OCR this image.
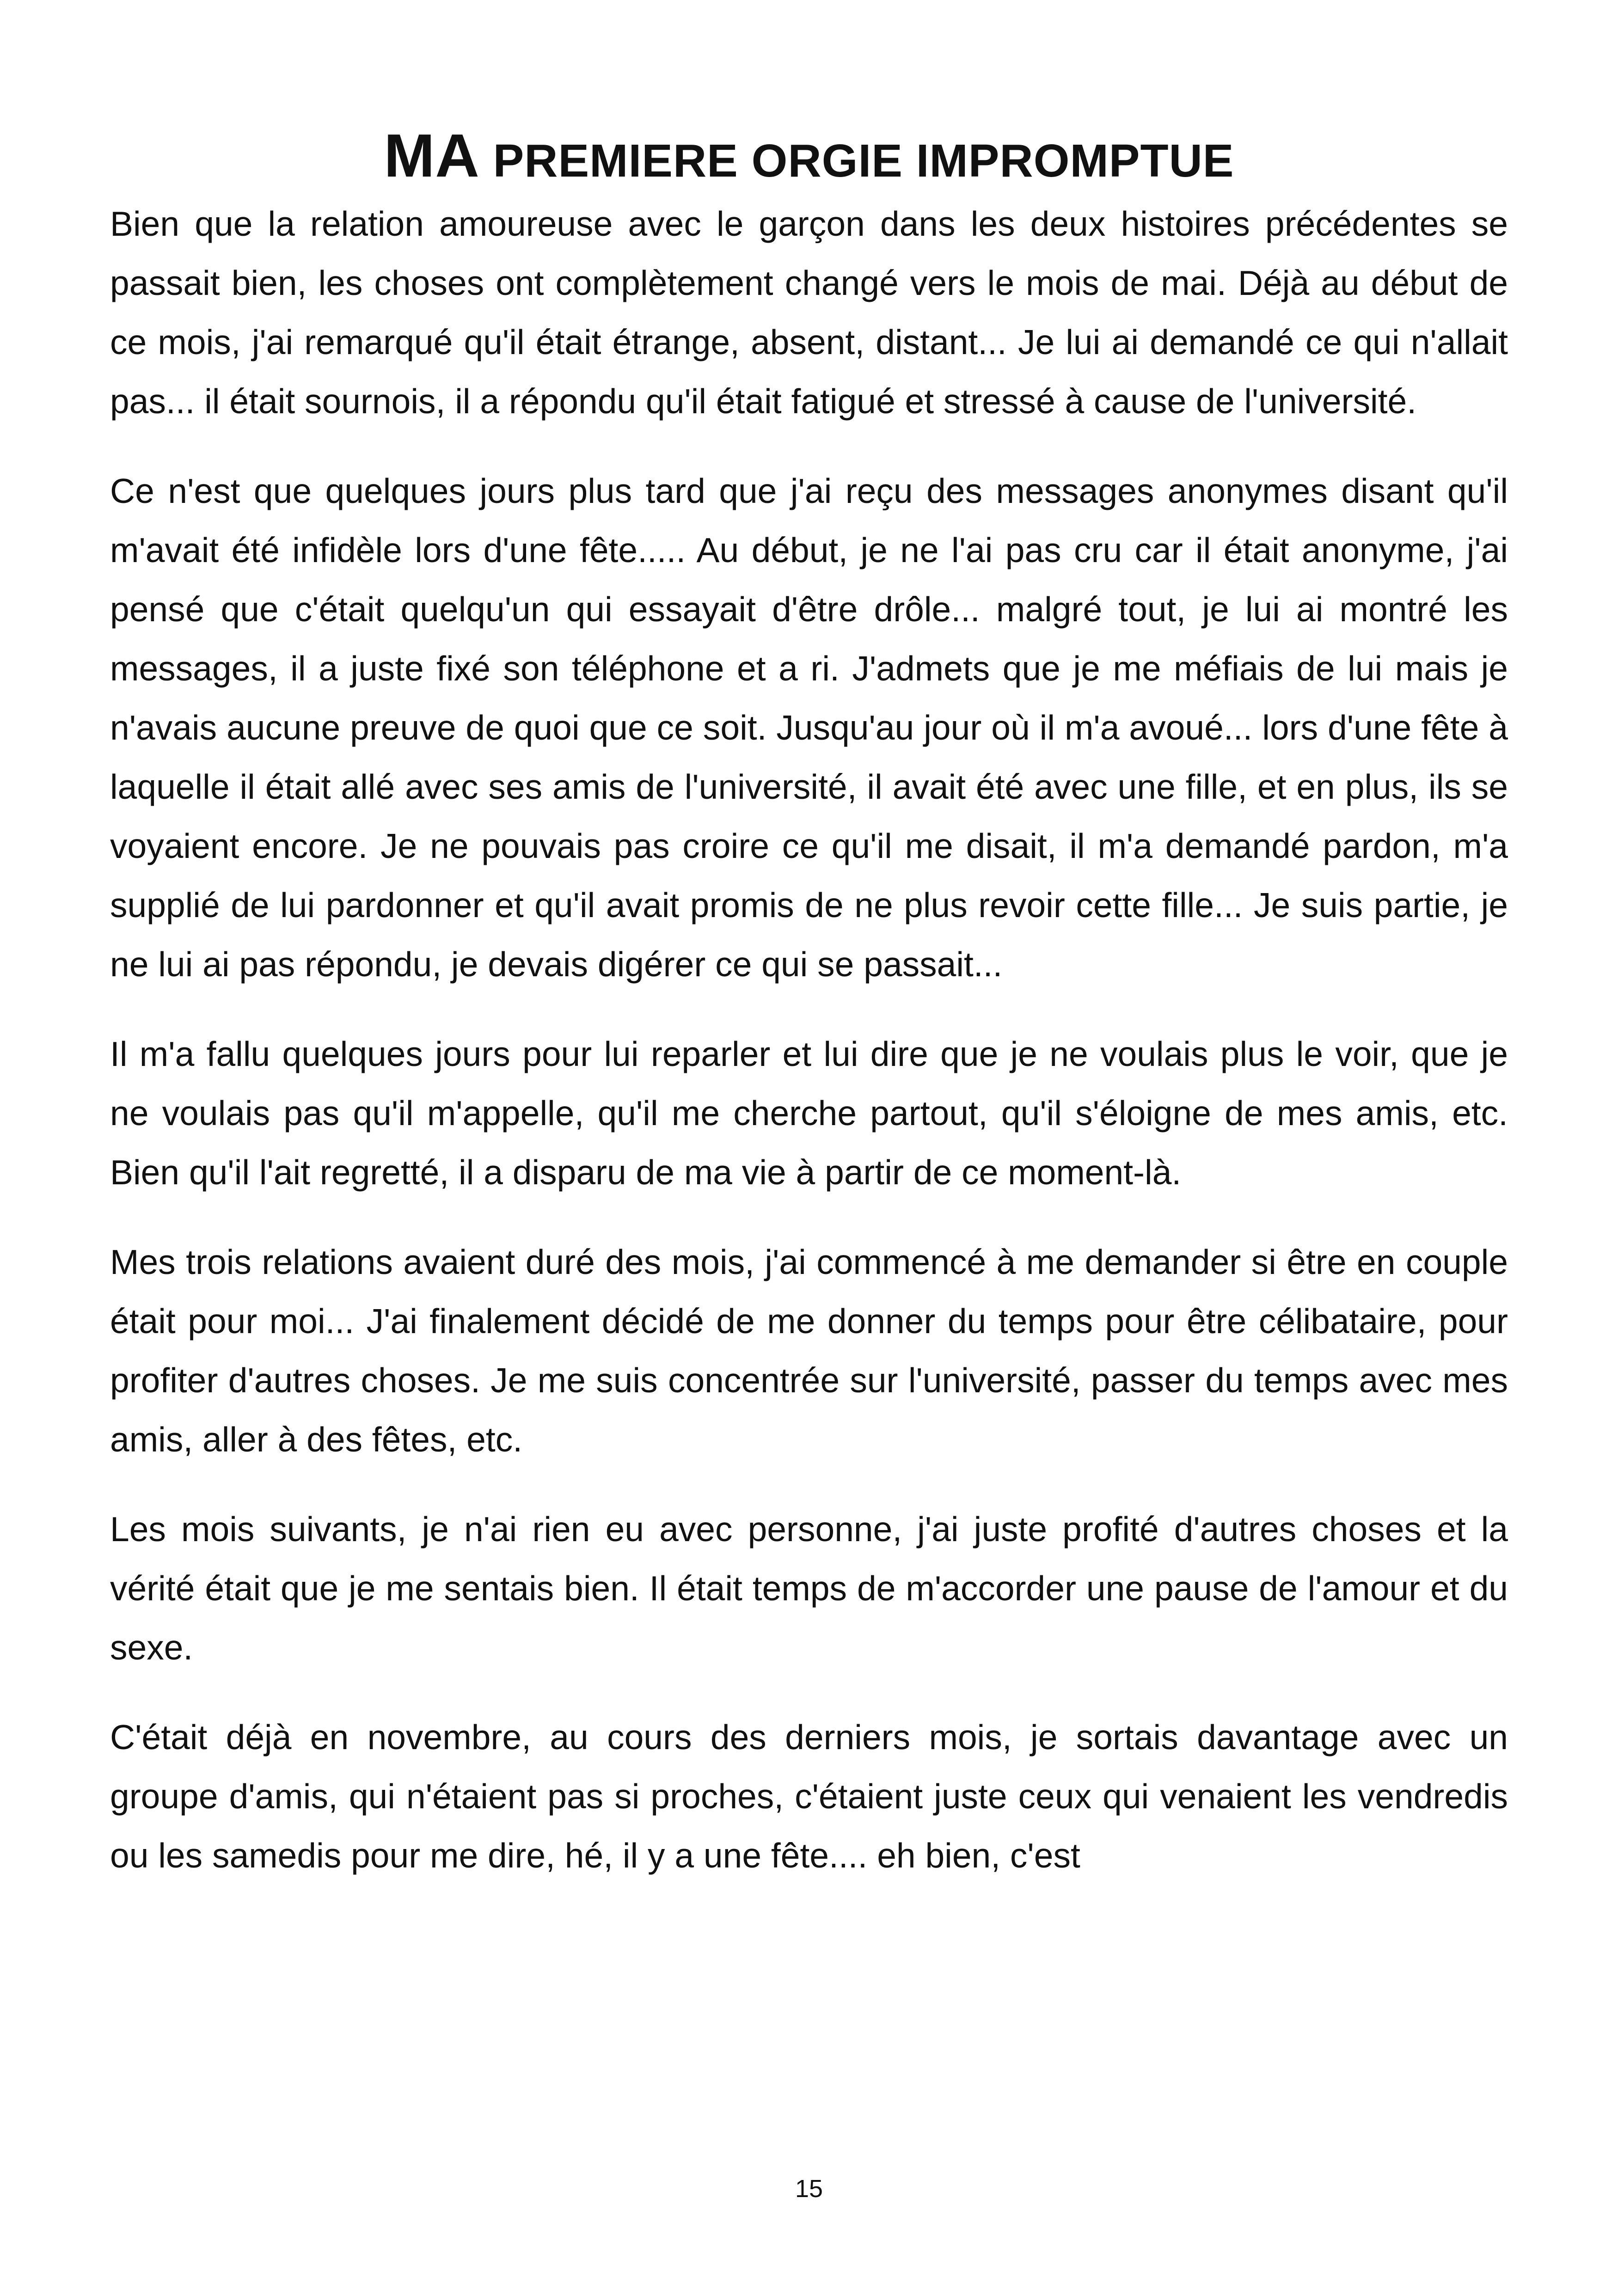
MA PREMIERE ORGIE IMPROMPTUE

Bien que la relation amoureuse avec le garçon dans les deux histoires précédentes se passait bien, les choses ont complètement changé vers le mois de mai. Déjà au début de ce mois, j'ai remarqué qu'il était étrange, absent, distant... Je lui ai demandé ce qui n'allait pas... il était sournois, il a répondu qu'il était fatigué et stressé à cause de l'université.

Ce n'est que quelques jours plus tard que j'ai reçu des messages anonymes disant qu'il m'avait été infidèle lors d'une fête..... Au début, je ne l'ai pas cru car il était anonyme, j'ai pensé que c'était quelqu'un qui essayait d'être drôle... malgré tout, je lui ai montré les messages, il a juste fixé son téléphone et a ri. J'admets que je me méfiais de lui mais je n'avais aucune preuve de quoi que ce soit. Jusqu'au jour où il m'a avoué... lors d'une fête à laquelle il était allé avec ses amis de l'université, il avait été avec une fille, et en plus, ils se voyaient encore. Je ne pouvais pas croire ce qu'il me disait, il m'a demandé pardon, m'a supplié de lui pardonner et qu'il avait promis de ne plus revoir cette fille... Je suis partie, je ne lui ai pas répondu, je devais digérer ce qui se passait...

Il m'a fallu quelques jours pour lui reparler et lui dire que je ne voulais plus le voir, que je ne voulais pas qu'il m'appelle, qu'il me cherche partout, qu'il s'éloigne de mes amis, etc. Bien qu'il l'ait regretté, il a disparu de ma vie à partir de ce moment-là.

Mes trois relations avaient duré des mois, j'ai commencé à me demander si être en couple était pour moi... J'ai finalement décidé de me donner du temps pour être célibataire, pour profiter d'autres choses. Je me suis concentrée sur l'université, passer du temps avec mes amis, aller à des fêtes, etc.

Les mois suivants, je n'ai rien eu avec personne, j'ai juste profité d'autres choses et la vérité était que je me sentais bien. Il était temps de m'accorder une pause de l'amour et du sexe.

C'était déjà en novembre, au cours des derniers mois, je sortais davantage avec un groupe d'amis, qui n'étaient pas si proches, c'étaient juste ceux qui venaient les vendredis ou les samedis pour me dire, hé, il y a une fête.... eh bien, c'est

15
